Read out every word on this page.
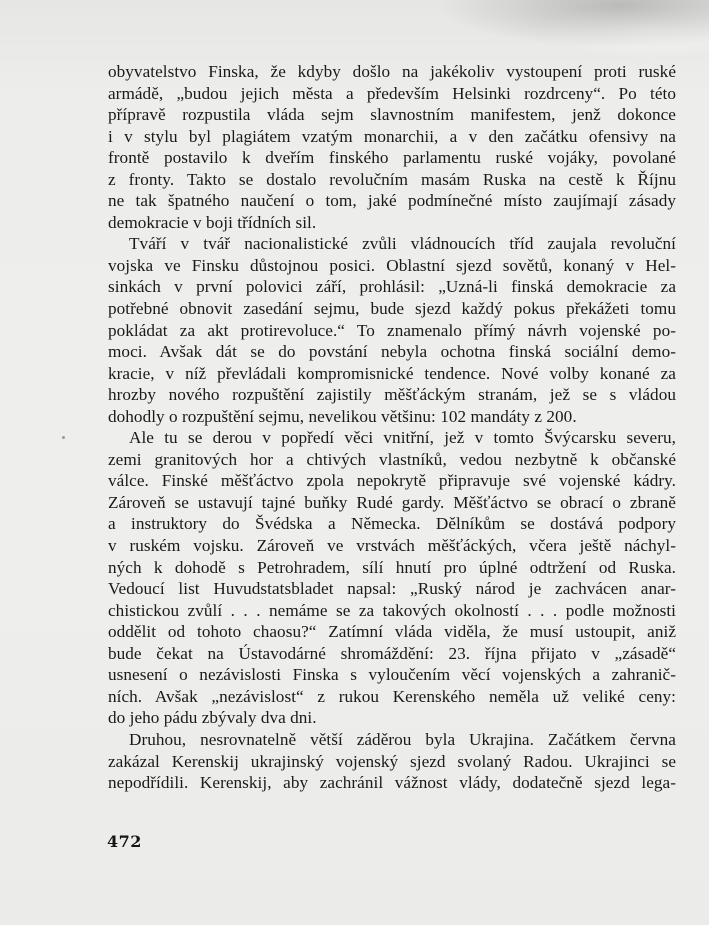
obyvatelstvo Finska, že kdyby došlo na jakékoliv vystoupení proti ruské
armádě, „budou jejich města a především Helsinki rozdrceny“. Po této
přípravě rozpustila vláda sejm slavnostním manifestem, jenž dokonce
i v stylu byl plagiátem vzatým monarchii, a v den začátku ofensivy na
frontě postavilo k dveřím finského parlamentu ruské vojáky, povolané
z fronty. Takto se dostalo revolučním masám Ruska na cestě k Říjnu
ne tak špatného naučení o tom, jaké podmínečné místo zaujímají zásady
demokracie v boji třídních sil.
Tváří v tvář nacionalistické zvůli vládnoucích tříd zaujala revoluční
vojska ve Finsku důstojnou posici. Oblastní sjezd sovětů, konaný v Hel-
sinkách v první polovici září, prohlásil: „Uzná-li finská demokracie za
potřebné obnovit zasedání sejmu, bude sjezd každý pokus překážeti tomu
pokládat za akt protirevoluce.“ To znamenalo přímý návrh vojenské po-
moci. Avšak dát se do povstání nebyla ochotna finská sociální demo-
kracie, v níž převládali kompromisnické tendence. Nové volby konané za
hrozby nového rozpuštění zajistily měšťáckým stranám, jež se s vládou
dohodly o rozpuštění sejmu, nevelikou většinu: 102 mandáty z 200.
Ale tu se derou v popředí věci vnitřní, jež v tomto Švýcarsku severu,
zemi granitových hor a chtivých vlastníků, vedou nezbytně k občanské
válce. Finské měšťáctvo zpola nepokrytě připravuje své vojenské kádry.
Zároveň se ustavují tajné buňky Rudé gardy. Měšťáctvo se obrací o zbraně
a instruktory do Švédska a Německa. Dělníkům se dostává podpory
v ruském vojsku. Zároveň ve vrstvách měšťáckých, včera ještě náchyl-
ných k dohodě s Petrohradem, sílí hnutí pro úplné odtržení od Ruska.
Vedoucí list Huvudstatsbladet napsal: „Ruský národ je zachvácen anar-
chistickou zvůlí . . . nemáme se za takových okolností . . . podle možnosti
oddělit od tohoto chaosu?“ Zatímní vláda viděla, že musí ustoupit, aniž
bude čekat na Ústavodárné shromáždění: 23. října přijato v „zásadě“
usnesení o nezávislosti Finska s vyloučením věcí vojenských a zahranič-
ních. Avšak „nezávislost“ z rukou Kerenského neměla už veliké ceny:
do jeho pádu zbývaly dva dni.
Druhou, nesrovnatelně větší záděrou byla Ukrajina. Začátkem června
zakázal Kerenskij ukrajinský vojenský sjezd svolaný Radou. Ukrajinci se
nepodřídili. Kerenskij, aby zachránil vážnost vlády, dodatečně sjezd lega-
472
